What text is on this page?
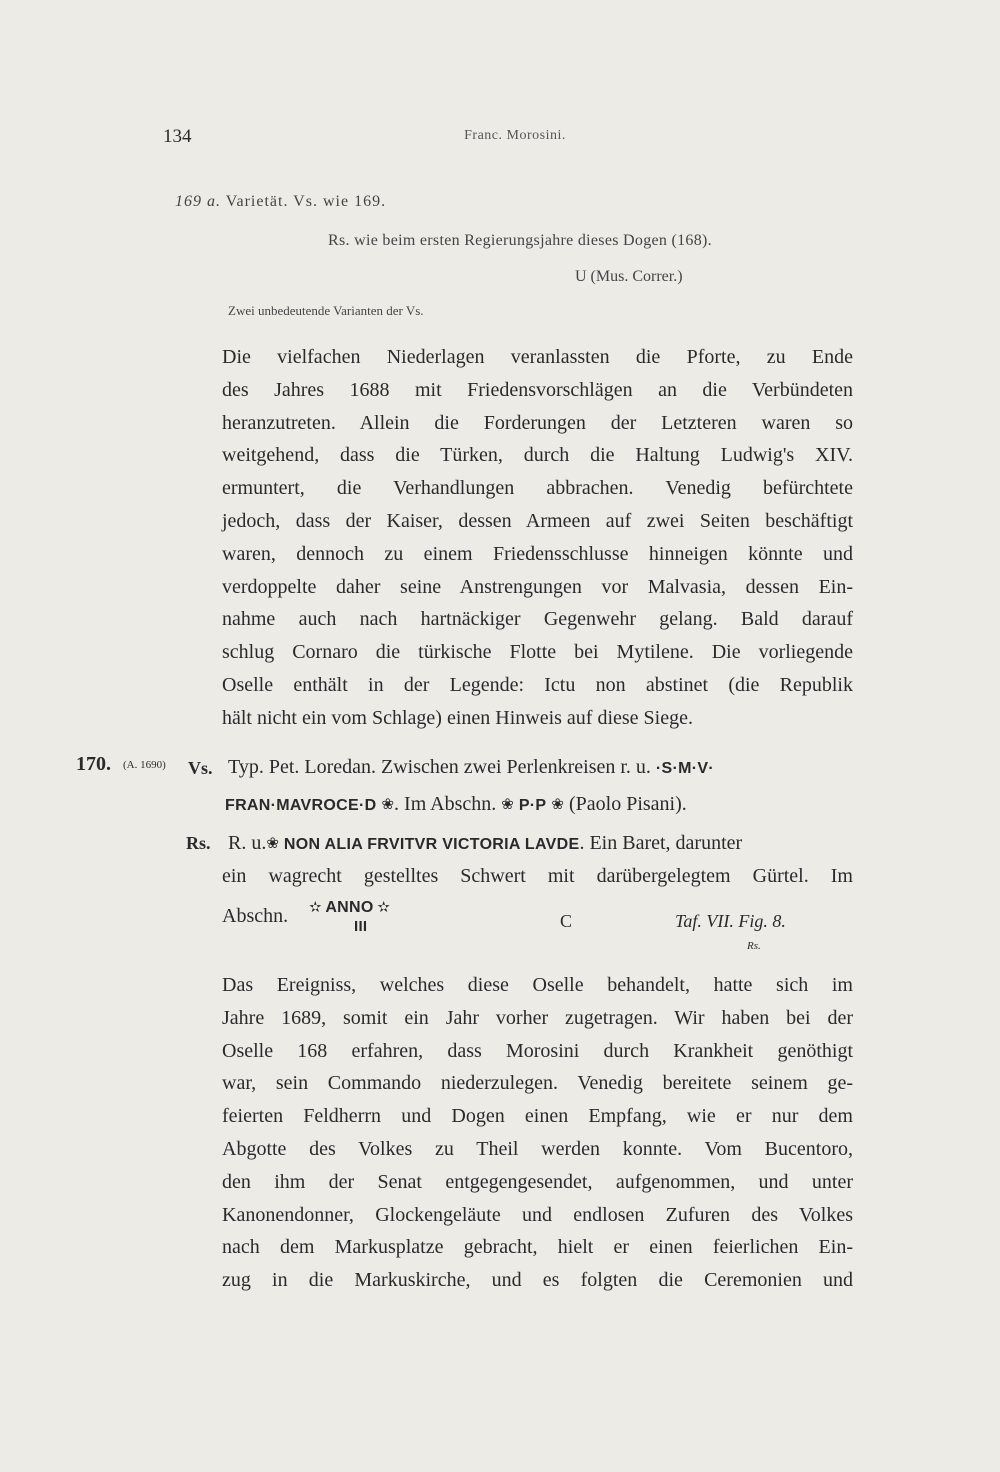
134	Franc. Morosini.
169 a. Varietät. Vs. wie 169.
Rs. wie beim ersten Regierungsjahre dieses Dogen (168).
U (Mus. Correr.)
Zwei unbedeutende Varianten der Vs.
Die vielfachen Niederlagen veranlassten die Pforte, zu Ende
des Jahres 1688 mit Friedensvorschlägen an die Verbündeten
heranzutreten. Allein die Forderungen der Letzteren waren so
weitgehend, dass die Türken, durch die Haltung Ludwig's XIV.
ermuntert, die Verhandlungen abbrachen. Venedig befürchtete
jedoch, dass der Kaiser, dessen Armeen auf zwei Seiten beschäftigt
waren, dennoch zu einem Friedensschlusse hinneigen könnte und
verdoppelte daher seine Anstrengungen vor Malvasia, dessen Ein-
nahme auch nach hartnäckiger Gegenwehr gelang. Bald darauf
schlug Cornaro die türkische Flotte bei Mytilene. Die vorliegende
Oselle enthält in der Legende: Ictu non abstinet (die Republik
hält nicht ein vom Schlage) einen Hinweis auf diese Siege.
170. (A. 1690) Vs. Typ. Pet. Loredan. Zwischen zwei Perlenkreisen r. u. ·S·M·V·
FRAN·MAVROCE·D ❀. Im Abschn. ❀ P·P ❀ (Paolo Pisani).
Rs. R. u.❀ NON ALIA FRVITVR VICTORIA LAVDE. Ein Baret, darunter
ein wagrecht gestelltes Schwert mit darübergelegtem Gürtel. Im
Abschn. ✫ ANNO ✫
III	C	Taf. VII. Fig. 8.
Rs.
Das Ereigniss, welches diese Oselle behandelt, hatte sich im
Jahre 1689, somit ein Jahr vorher zugetragen. Wir haben bei der
Oselle 168 erfahren, dass Morosini durch Krankheit genöthigt
war, sein Commando niederzulegen. Venedig bereitete seinem ge-
feierten Feldherrn und Dogen einen Empfang, wie er nur dem
Abgotte des Volkes zu Theil werden konnte. Vom Bucentoro,
den ihm der Senat entgegengesendet, aufgenommen, und unter
Kanonendonner, Glockengeläute und endlosen Zufuren des Volkes
nach dem Markusplatze gebracht, hielt er einen feierlichen Ein-
zug in die Markuskirche, und es folgten die Ceremonien und
